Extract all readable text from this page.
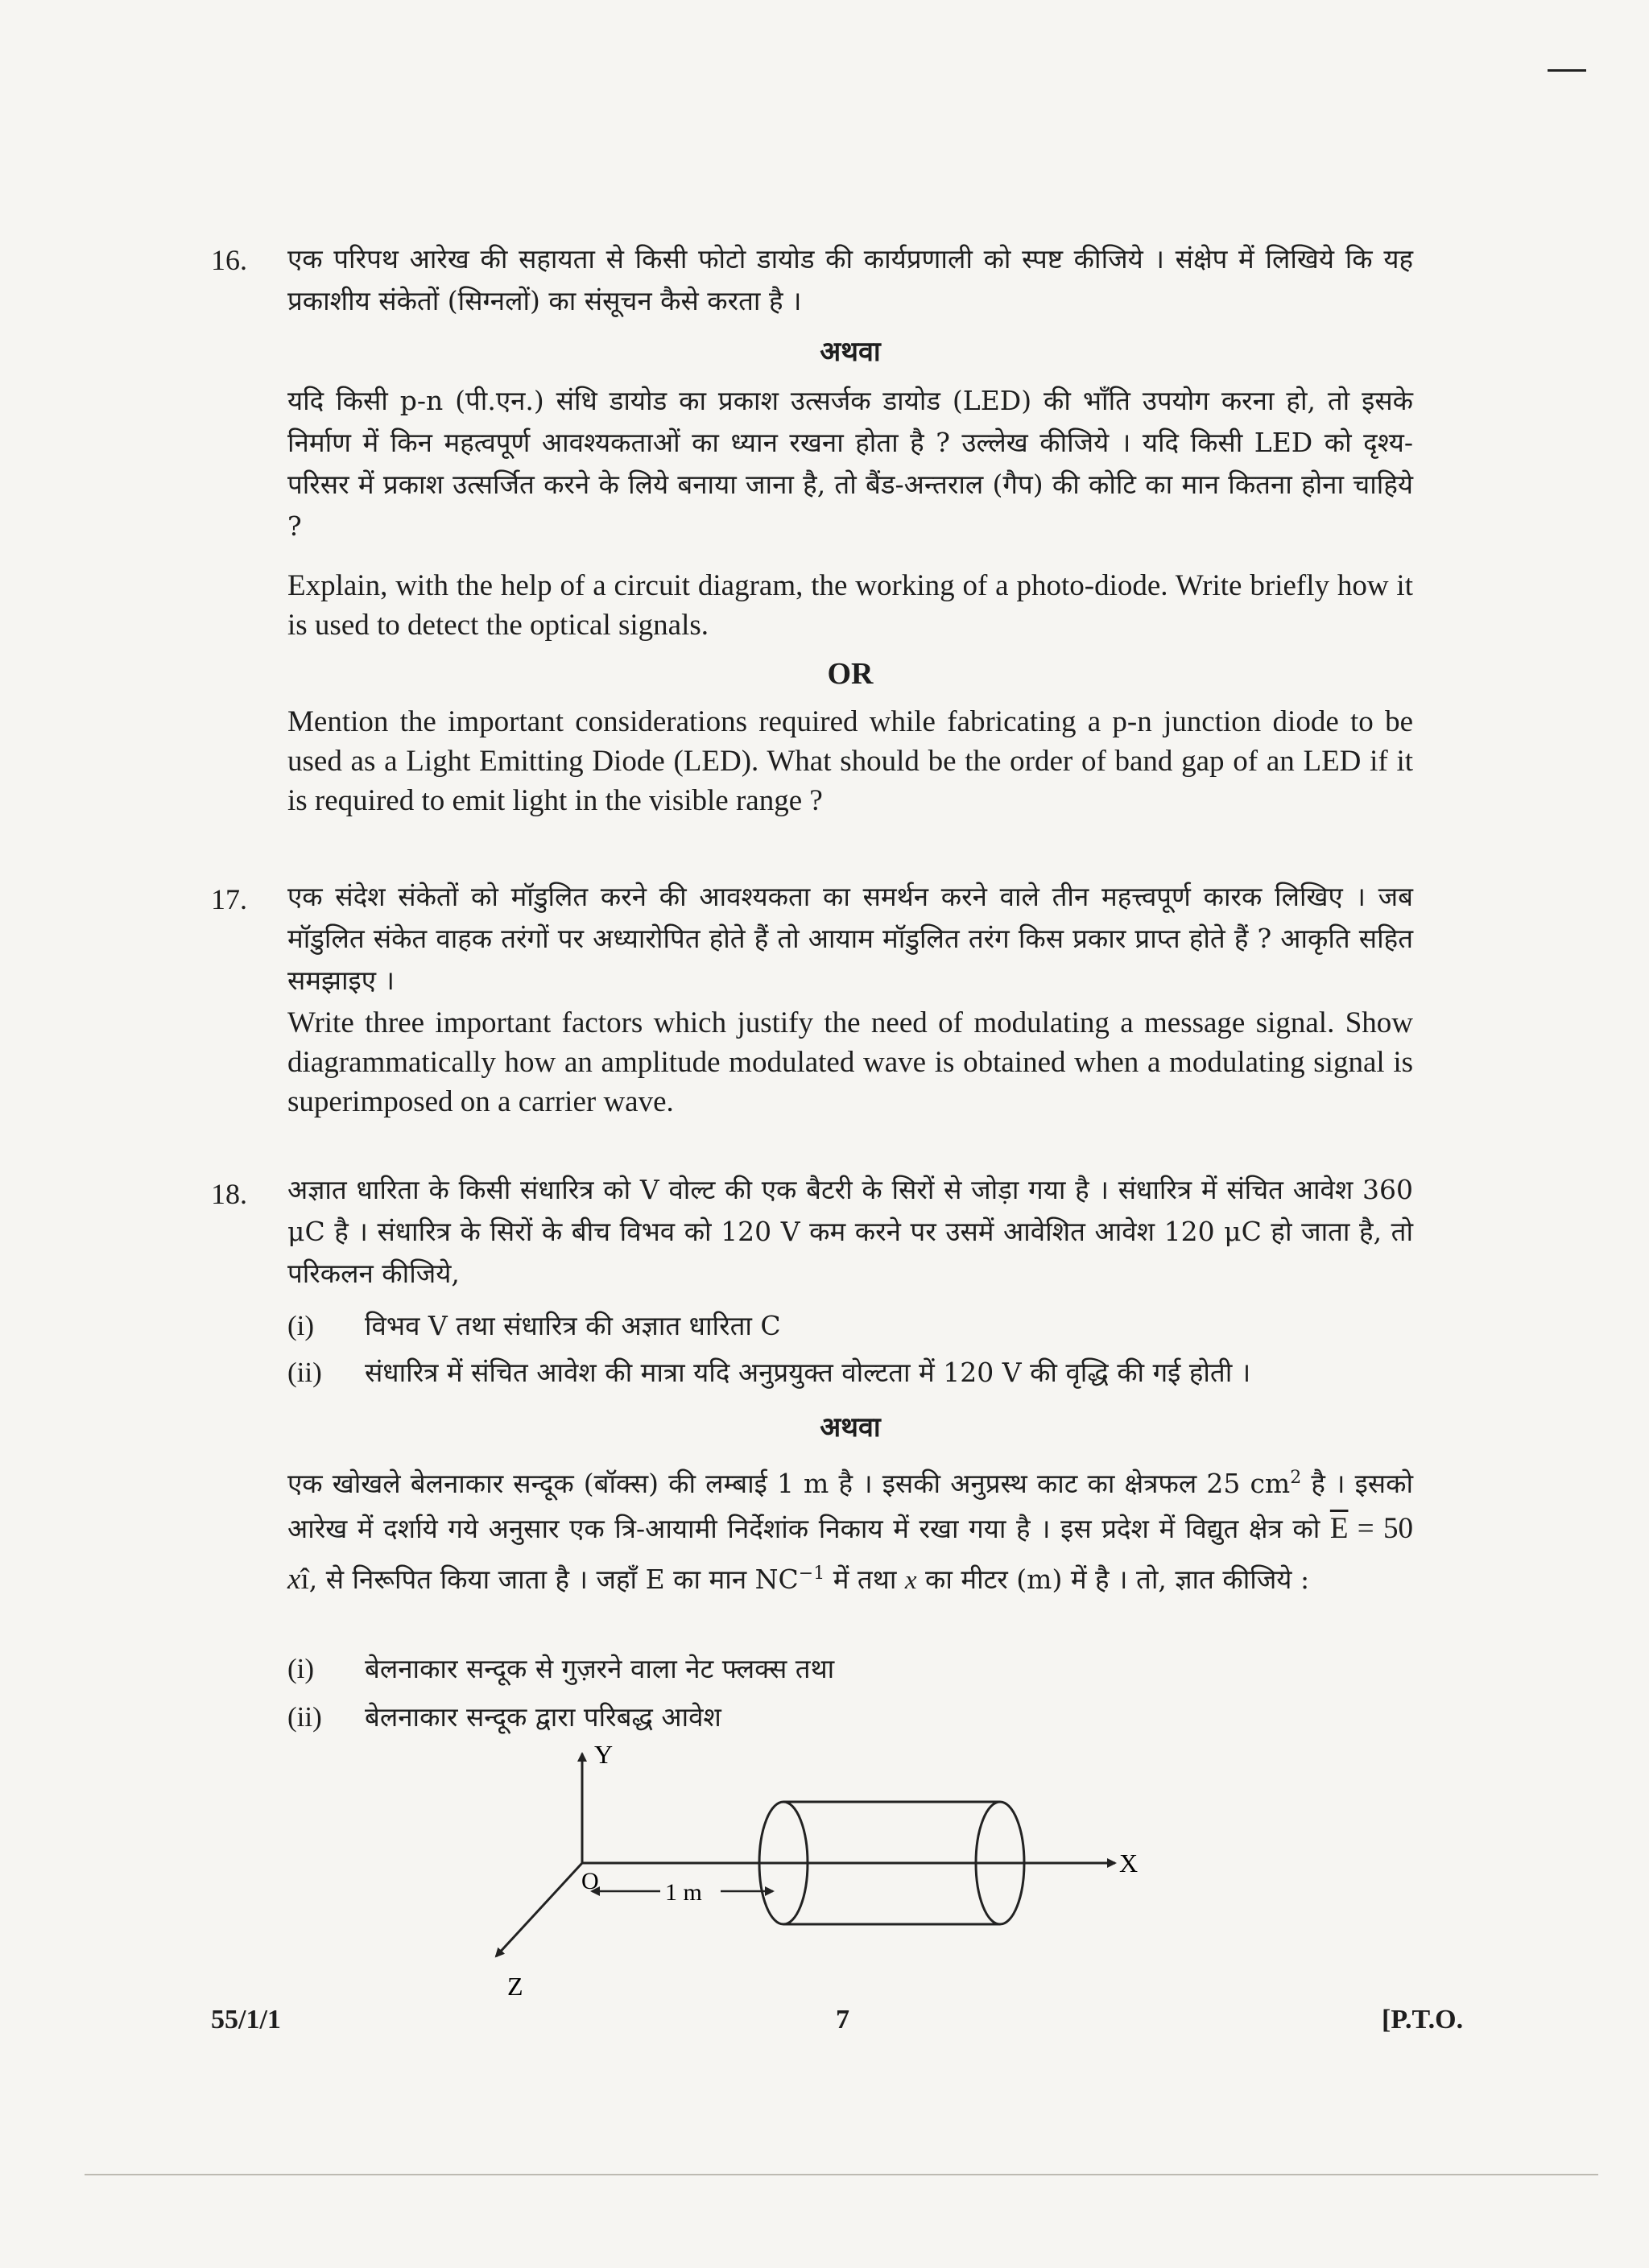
16. एक परिपथ आरेख की सहायता से किसी फोटो डायोड की कार्यप्रणाली को स्पष्ट कीजिये । संक्षेप में लिखिये कि यह प्रकाशीय संकेतों (सिग्नलों) का संसूचन कैसे करता है ।
अथवा
यदि किसी p-n (पी.एन.) संधि डायोड का प्रकाश उत्सर्जक डायोड (LED) की भाँति उपयोग करना हो, तो इसके निर्माण में किन महत्वपूर्ण आवश्यकताओं का ध्यान रखना होता है ? उल्लेख कीजिये । यदि किसी LED को दृश्य-परिसर में प्रकाश उत्सर्जित करने के लिये बनाया जाना है, तो बैंड-अन्तराल (गैप) की कोटि का मान कितना होना चाहिये ?
Explain, with the help of a circuit diagram, the working of a photo-diode. Write briefly how it is used to detect the optical signals.
OR
Mention the important considerations required while fabricating a p-n junction diode to be used as a Light Emitting Diode (LED). What should be the order of band gap of an LED if it is required to emit light in the visible range ?
17. एक संदेश संकेतों को मॉडुलित करने की आवश्यकता का समर्थन करने वाले तीन महत्त्वपूर्ण कारक लिखिए । जब मॉडुलित संकेत वाहक तरंगों पर अध्यारोपित होते हैं तो आयाम मॉडुलित तरंग किस प्रकार प्राप्त होते हैं ? आकृति सहित समझाइए ।
Write three important factors which justify the need of modulating a message signal. Show diagrammatically how an amplitude modulated wave is obtained when a modulating signal is superimposed on a carrier wave.
18. अज्ञात धारिता के किसी संधारित्र को V वोल्ट की एक बैटरी के सिरों से जोड़ा गया है । संधारित्र में संचित आवेश 360 μC है । संधारित्र के सिरों के बीच विभव को 120 V कम करने पर उसमें आवेशित आवेश 120 μC हो जाता है, तो परिकलन कीजिये,
(i) विभव V तथा संधारित्र की अज्ञात धारिता C
(ii) संधारित्र में संचित आवेश की मात्रा यदि अनुप्रयुक्त वोल्टता में 120 V की वृद्धि की गई होती ।
अथवा
एक खोखले बेलनाकार सन्दूक (बॉक्स) की लम्बाई 1 m है । इसकी अनुप्रस्थ काट का क्षेत्रफल 25 $cm^2$ है । इसको आरेख में दर्शाये गये अनुसार एक त्रि-आयामी निर्देशांक निकाय में रखा गया है । इस प्रदेश में विद्युत क्षेत्र को $\overline{E} = 50$ xî, से निरूपित किया जाता है । जहाँ E का मान $NC^{-1}$ में तथा x का मीटर (m) में है । तो, ज्ञात कीजिये :
(i) बेलनाकार सन्दूक से गुज़रने वाला नेट फ्लक्स तथा
(ii) बेलनाकार सन्दूक द्वारा परिबद्ध आवेश
1 m
Y
X
Z
O
55/1/1	7	[P.T.O.
